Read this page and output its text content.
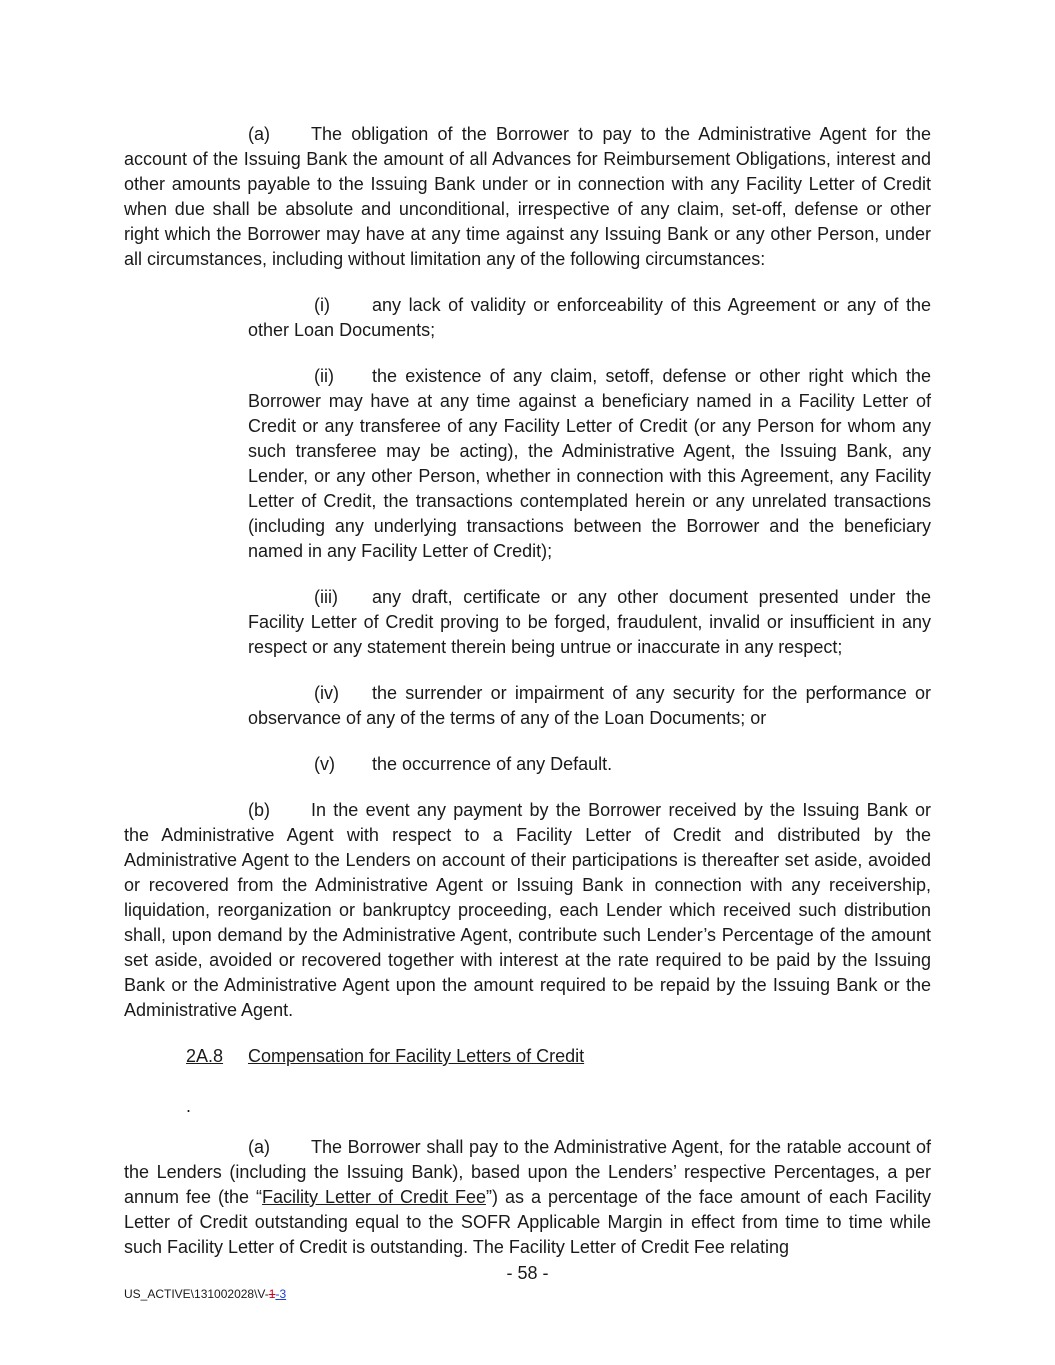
(a) The obligation of the Borrower to pay to the Administrative Agent for the account of the Issuing Bank the amount of all Advances for Reimbursement Obligations, interest and other amounts payable to the Issuing Bank under or in connection with any Facility Letter of Credit when due shall be absolute and unconditional, irrespective of any claim, set-off, defense or other right which the Borrower may have at any time against any Issuing Bank or any other Person, under all circumstances, including without limitation any of the following circumstances:

(i) any lack of validity or enforceability of this Agreement or any of the other Loan Documents;

(ii) the existence of any claim, setoff, defense or other right which the Borrower may have at any time against a beneficiary named in a Facility Letter of Credit or any transferee of any Facility Letter of Credit (or any Person for whom any such transferee may be acting), the Administrative Agent, the Issuing Bank, any Lender, or any other Person, whether in connection with this Agreement, any Facility Letter of Credit, the transactions contemplated herein or any unrelated transactions (including any underlying transactions between the Borrower and the beneficiary named in any Facility Letter of Credit);

(iii) any draft, certificate or any other document presented under the Facility Letter of Credit proving to be forged, fraudulent, invalid or insufficient in any respect or any statement therein being untrue or inaccurate in any respect;

(iv) the surrender or impairment of any security for the performance or observance of any of the terms of any of the Loan Documents; or

(v) the occurrence of any Default.

(b) In the event any payment by the Borrower received by the Issuing Bank or the Administrative Agent with respect to a Facility Letter of Credit and distributed by the Administrative Agent to the Lenders on account of their participations is thereafter set aside, avoided or recovered from the Administrative Agent or Issuing Bank in connection with any receivership, liquidation, reorganization or bankruptcy proceeding, each Lender which received such distribution shall, upon demand by the Administrative Agent, contribute such Lender’s Percentage of the amount set aside, avoided or recovered together with interest at the rate required to be paid by the Issuing Bank or the Administrative Agent upon the amount required to be repaid by the Issuing Bank or the Administrative Agent.

2A.8 Compensation for Facility Letters of Credit
.

(a) The Borrower shall pay to the Administrative Agent, for the ratable account of the Lenders (including the Issuing Bank), based upon the Lenders’ respective Percentages, a per annum fee (the “Facility Letter of Credit Fee”) as a percentage of the face amount of each Facility Letter of Credit outstanding equal to the SOFR Applicable Margin in effect from time to time while such Facility Letter of Credit is outstanding. The Facility Letter of Credit Fee relating

- 58 -
US_ACTIVE\131002028\V-1-3
